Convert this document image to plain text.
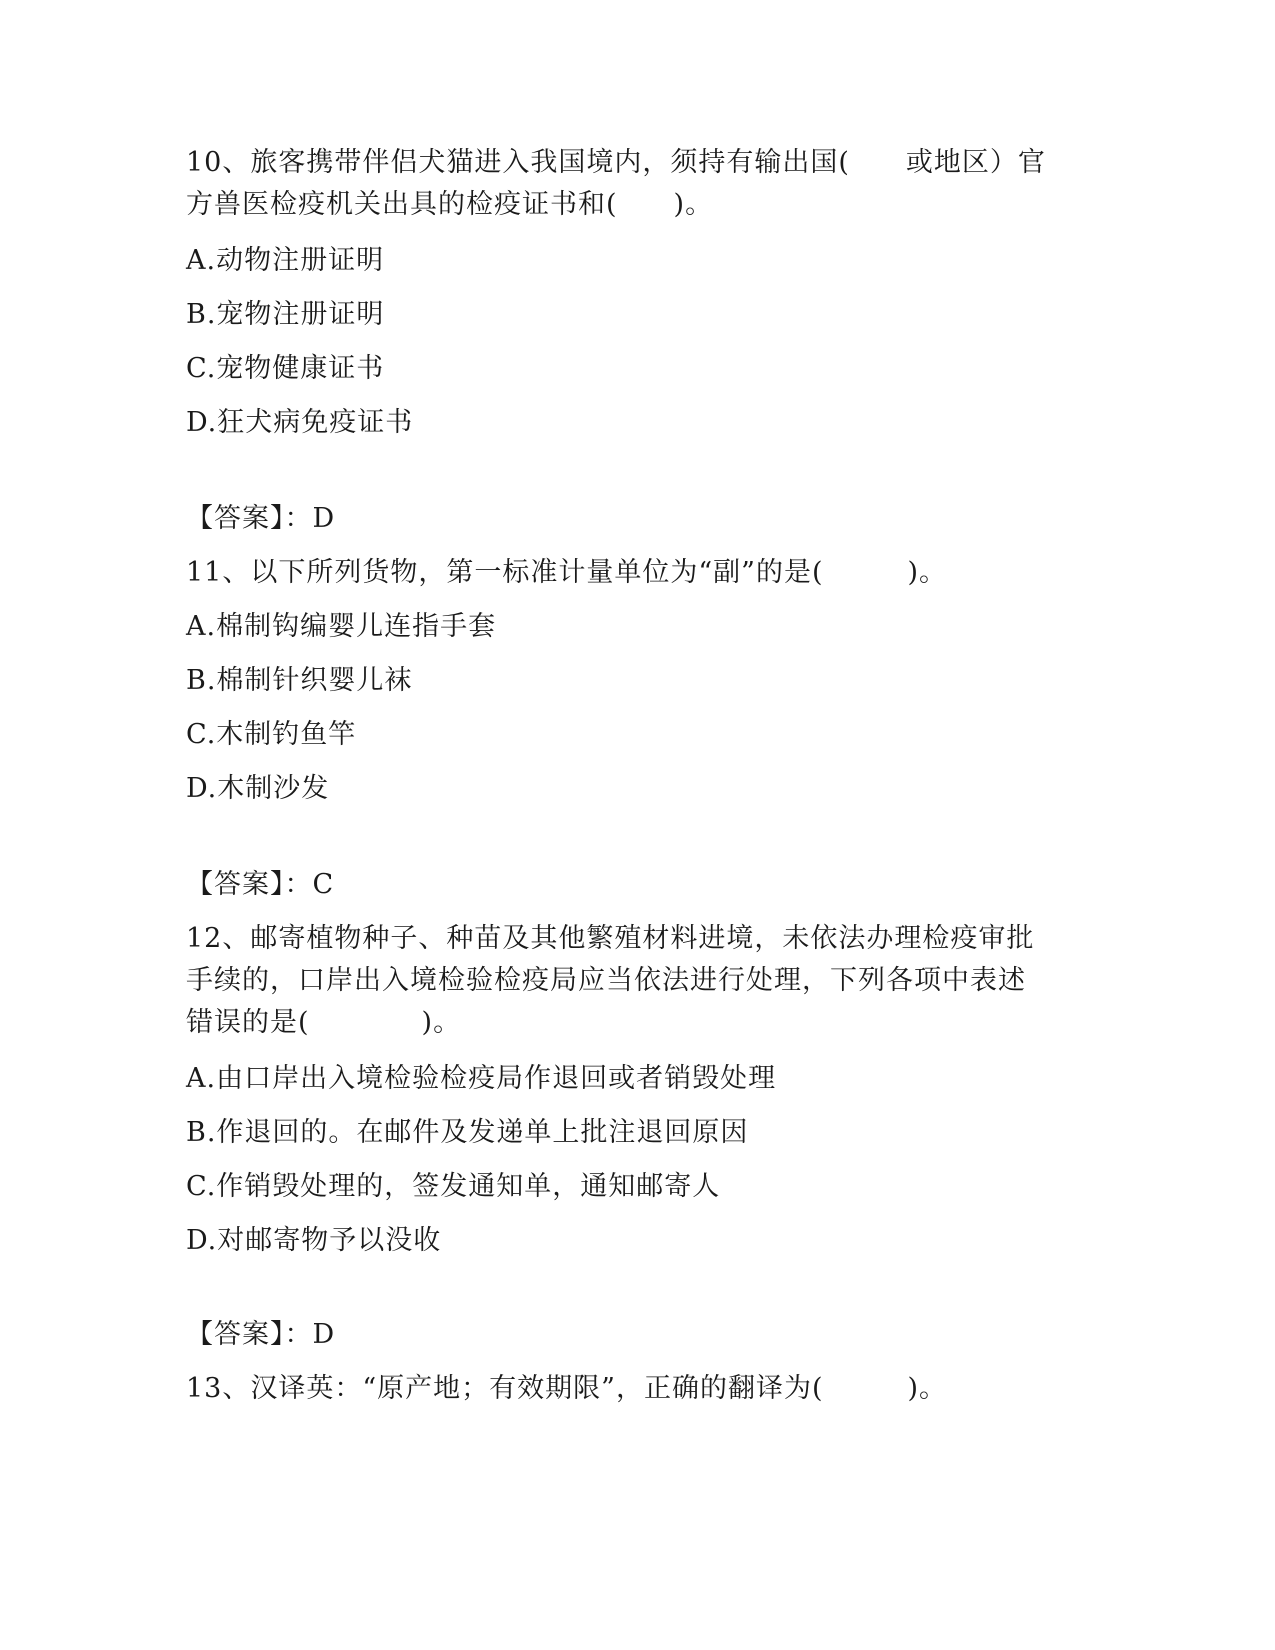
10、旅客携带伴侣犬猫进入我国境内，须持有输出国(　　或地区）官
方兽医检疫机关出具的检疫证书和(　　)。
A.动物注册证明
B.宠物注册证明
C.宠物健康证书
D.狂犬病免疫证书
【答案】：D
11、以下所列货物，第一标准计量单位为“副”的是(　　　)。
A.棉制钩编婴儿连指手套
B.棉制针织婴儿袜
C.木制钓鱼竿
D.木制沙发
【答案】：C
12、邮寄植物种子、种苗及其他繁殖材料进境，未依法办理检疫审批
手续的，口岸出入境检验检疫局应当依法进行处理，下列各项中表述
错误的是(　　　　)。
A.由口岸出入境检验检疫局作退回或者销毁处理
B.作退回的。在邮件及发递单上批注退回原因
C.作销毁处理的，签发通知单，通知邮寄人
D.对邮寄物予以没收
【答案】：D
13、汉译英：“原产地；有效期限”，正确的翻译为(　　　)。
